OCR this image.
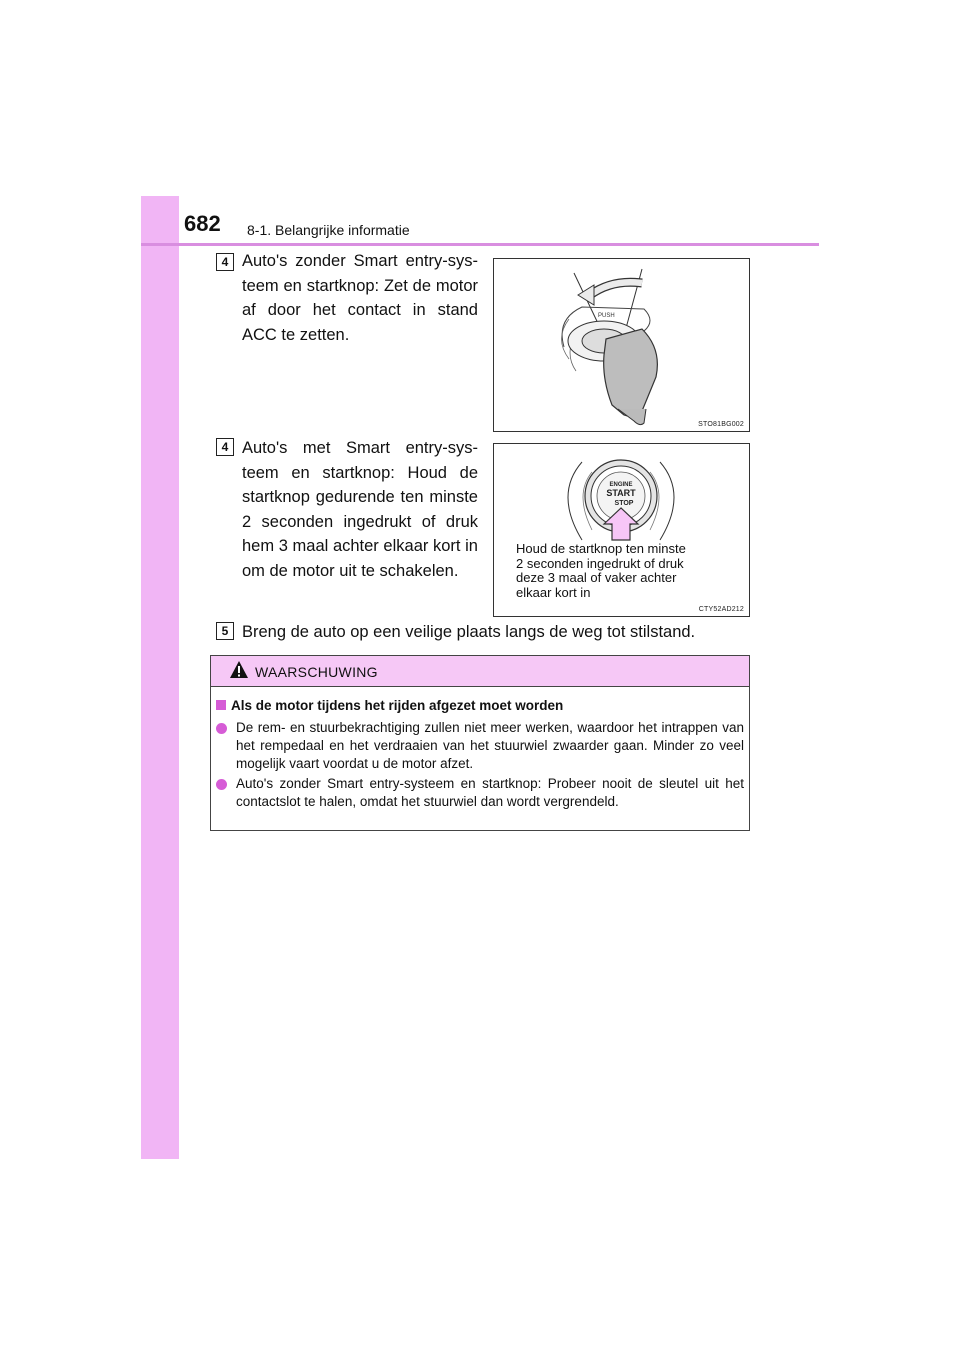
682 8-1. Belangrijke informatie
4 Auto's zonder Smart entry-sys-teem en startknop: Zet de motor af door het contact in stand ACC te zetten.
PUSH
STO81BG002
4 Auto's met Smart entry-sys-teem en startknop: Houd de startknop gedurende ten minste 2 seconden ingedrukt of druk hem 3 maal achter elkaar kort in om de motor uit te schakelen.
ENGINE
START
STOP
Houd de startknop ten minste
2 seconden ingedrukt of druk
deze 3 maal of vaker achter
elkaar kort in
CTY52AD212
5 Breng de auto op een veilige plaats langs de weg tot stilstand.
WAARSCHUWING
Als de motor tijdens het rijden afgezet moet worden
De rem- en stuurbekrachtiging zullen niet meer werken, waardoor het intrappen van het rempedaal en het verdraaien van het stuurwiel zwaarder gaan. Minder zo veel mogelijk vaart voordat u de motor afzet.
Auto's zonder Smart entry-systeem en startknop: Probeer nooit de sleutel uit het contactslot te halen, omdat het stuurwiel dan wordt vergrendeld.
